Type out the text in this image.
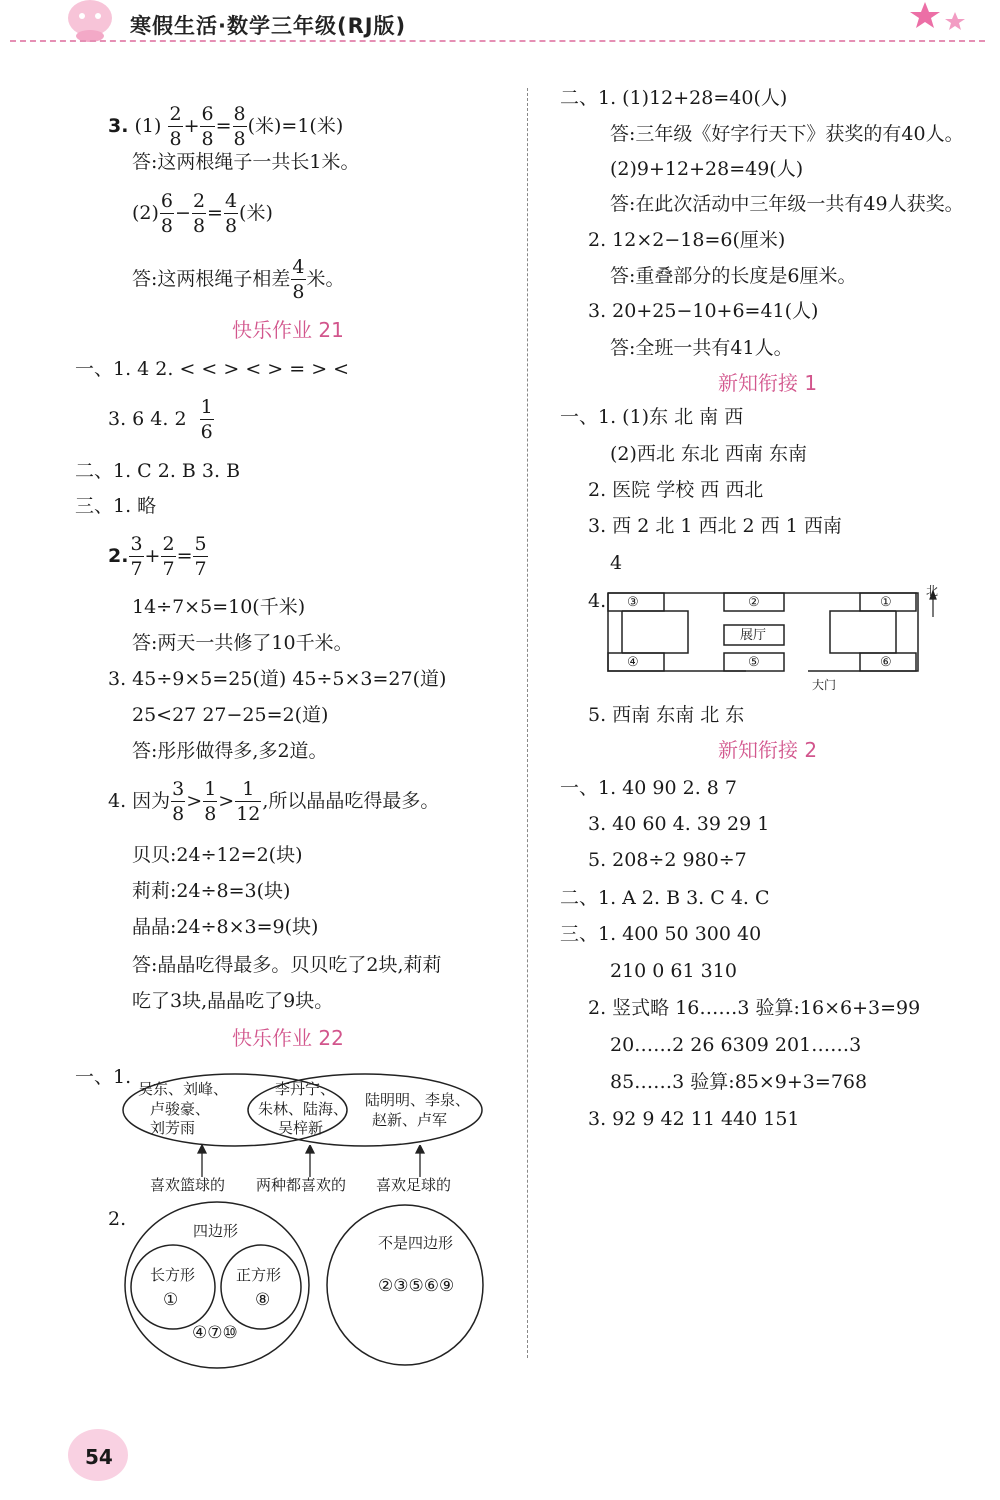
寒假生活·数学三年级(RJ版)
3. $(1) \frac{2}{8} + \frac{6}{8} = \frac{8}{8}$ (米)=1(米)
答:这两根绳子一共长1米。
$(2) \frac{6}{8} - \frac{2}{8} = \frac{4}{8}$ (米)
答:这两根绳子相差 $\frac{4}{8}$ 米。
快乐作业 21
一、1. 4 2. < < > < > = > <
3. 6 4. $2 \frac{1}{6}$
二、1. C 2. B 3. B
三、1. 略
2. $\frac{3}{7} + \frac{2}{7} = \frac{5}{7}$
14÷7×5=10(千米)
答:两天一共修了10千米。
3. 45÷9×5=25(道) 45÷5×3=27(道)
25<27 27−25=2(道)
答:彤彤做得多,多2道。
4. 因为 $\frac{3}{8} > \frac{1}{8} > \frac{1}{12}$ ,所以晶晶吃得最多。
贝贝:24÷12=2(块)
莉莉:24÷8=3(块)
晶晶:24÷8×3=9(块)
答:晶晶吃得最多。贝贝吃了2块,莉莉
吃了3块,晶晶吃了9块。
快乐作业 22
一、1.
吴东、刘峰、
卢骏豪、
刘芳雨
李丹宁、
朱林、陆海、
吴梓新
陆明明、李泉、
赵新、卢军
喜欢篮球的 两种都喜欢的 喜欢足球的
2.
四边形
长方形
①
正方形
⑧
④⑦⑩
不是四边形
②③⑤⑥⑨
二、1. (1)12+28=40(人)
答:三年级《好字行天下》获奖的有40人。
(2)9+12+28=49(人)
答:在此次活动中三年级一共有49人获奖。
2. 12×2−18=6(厘米)
答:重叠部分的长度是6厘米。
3. 20+25−10+6=41(人)
答:全班一共有41人。
新知衔接 1
一、1. (1)东 北 南 西
(2)西北 东北 西南 东南
2. 医院 学校 西 西北
3. 西 2 北 1 西北 2 西 1 西南
4
4. ③	②	①
④	⑤	⑥
展厅
大门
北
5. 西南 东南 北 东
新知衔接 2
一、1. 40 90 2. 8 7
3. 40 60 4. 39 29 1
5. 208÷2 980÷7
二、1. A 2. B 3. C 4. C
三、1. 400 50 300 40
210 0 61 310
2. 竖式略 16……3 验算:16×6+3=99
20……2 26 6309 201……3
85……3 验算:85×9+3=768
3. 92 9 42 11 440 151
54
